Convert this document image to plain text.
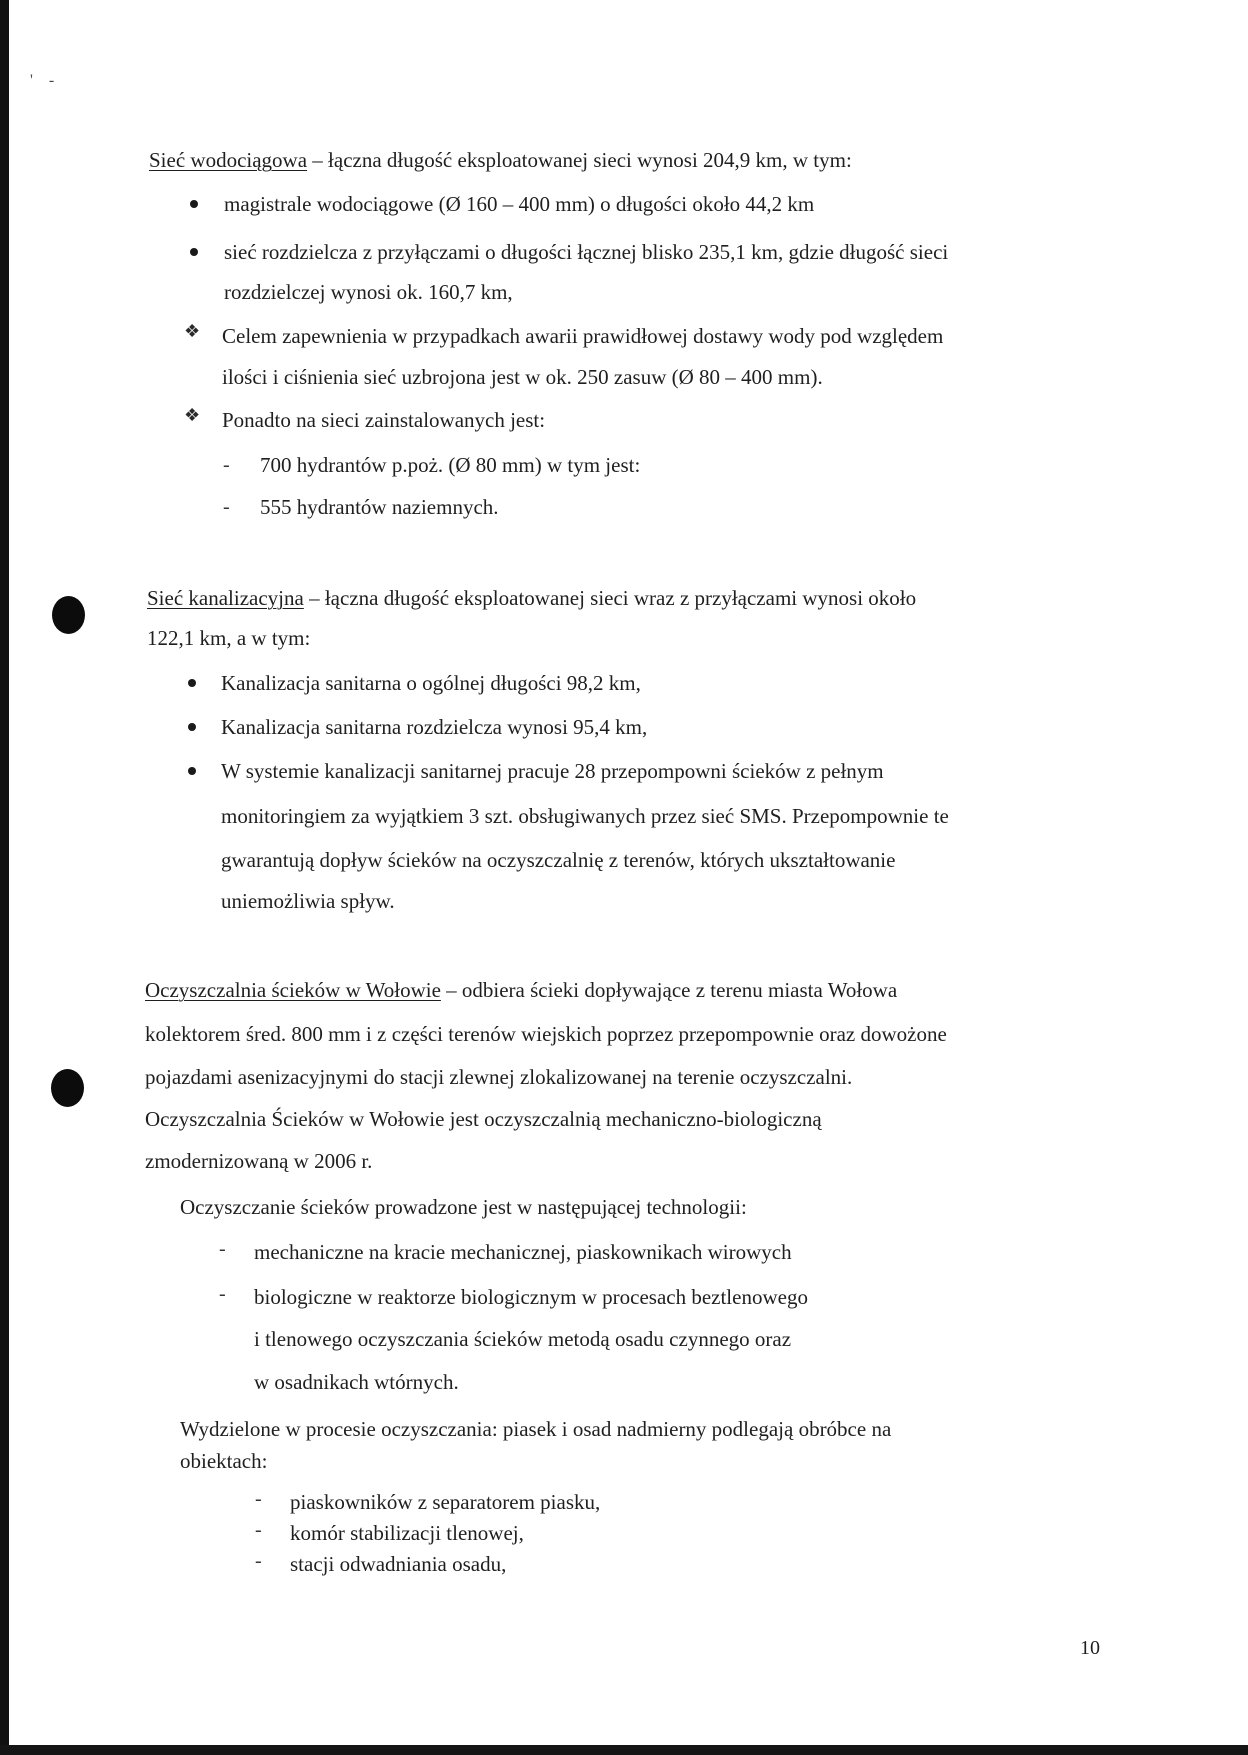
' -
Sieć wodociągowa – łączna długość eksploatowanej sieci wynosi 204,9 km, w tym:
magistrale wodociągowe (Ø 160 – 400 mm) o długości około 44,2 km
sieć rozdzielcza z przyłączami o długości łącznej blisko 235,1 km, gdzie długość sieci
rozdzielczej wynosi ok. 160,7 km,
❖ Celem zapewnienia w przypadkach awarii prawidłowej dostawy wody pod względem
ilości i ciśnienia sieć uzbrojona jest w ok. 250 zasuw (Ø 80 – 400 mm).
❖ Ponadto na sieci zainstalowanych jest:
- 700 hydrantów p.poż. (Ø 80 mm) w tym jest:
- 555 hydrantów naziemnych.
Sieć kanalizacyjna – łączna długość eksploatowanej sieci wraz z przyłączami wynosi około
122,1 km, a w tym:
Kanalizacja sanitarna o ogólnej długości 98,2 km,
Kanalizacja sanitarna rozdzielcza wynosi 95,4 km,
W systemie kanalizacji sanitarnej pracuje 28 przepompowni ścieków z pełnym
monitoringiem za wyjątkiem 3 szt. obsługiwanych przez sieć SMS. Przepompownie te
gwarantują dopływ ścieków na oczyszczalnię z terenów, których ukształtowanie
uniemożliwia spływ.
Oczyszczalnia ścieków w Wołowie – odbiera ścieki dopływające z terenu miasta Wołowa
kolektorem śred. 800 mm i z części terenów wiejskich poprzez przepompownie oraz dowożone
pojazdami asenizacyjnymi do stacji zlewnej zlokalizowanej na terenie oczyszczalni.
Oczyszczalnia Ścieków w Wołowie jest oczyszczalnią mechaniczno-biologiczną
zmodernizowaną w 2006 r.
Oczyszczanie ścieków prowadzone jest w następującej technologii:
- mechaniczne na kracie mechanicznej, piaskownikach wirowych
- biologiczne w reaktorze biologicznym w procesach beztlenowego
i tlenowego oczyszczania ścieków metodą osadu czynnego oraz
w osadnikach wtórnych.
Wydzielone w procesie oczyszczania: piasek i osad nadmierny podlegają obróbce na
obiektach:
- piaskowników z separatorem piasku,
- komór stabilizacji tlenowej,
- stacji odwadniania osadu,
10
